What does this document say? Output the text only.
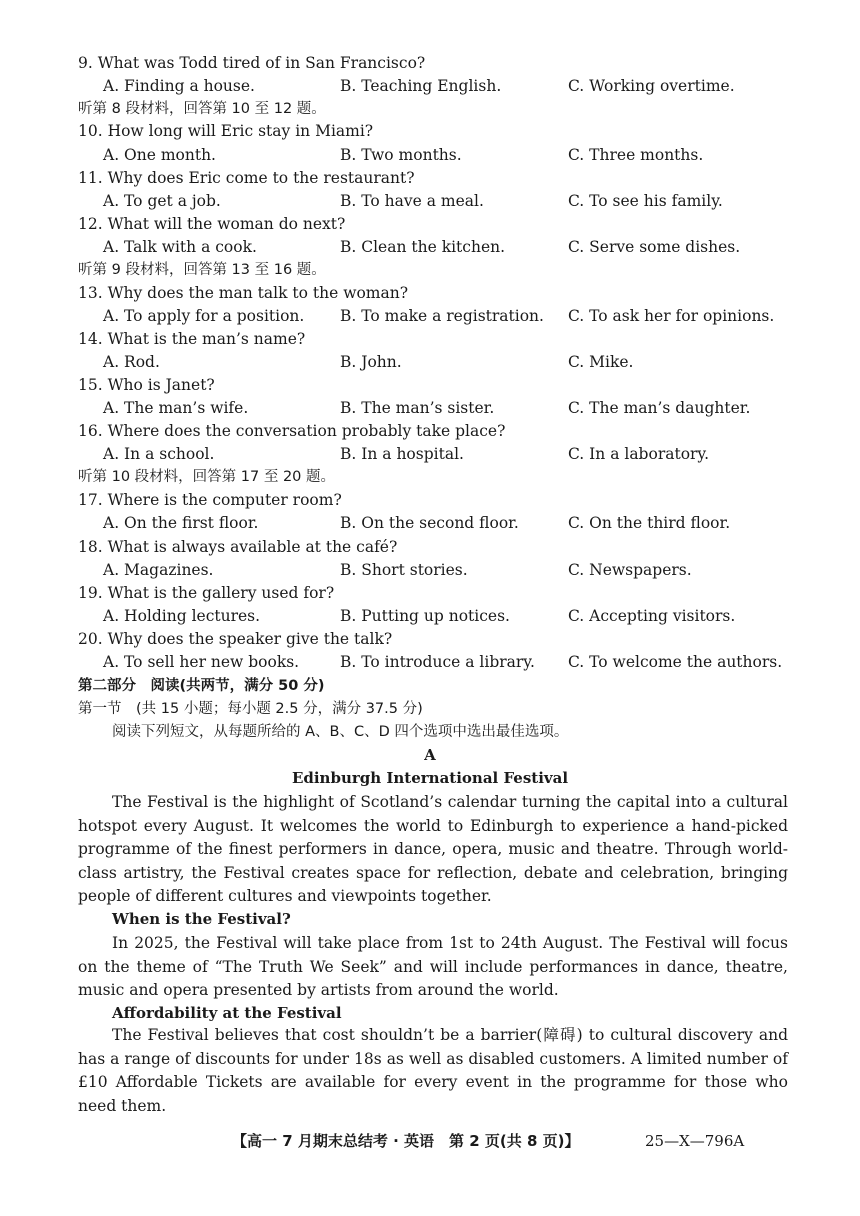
9. What was Todd tired of in San Francisco?
A. Finding a house.	B. Teaching English.	C. Working overtime.
听第 8 段材料，回答第 10 至 12 题。
10. How long will Eric stay in Miami?
A. One month.	B. Two months.	C. Three months.
11. Why does Eric come to the restaurant?
A. To get a job.	B. To have a meal.	C. To see his family.
12. What will the woman do next?
A. Talk with a cook.	B. Clean the kitchen.	C. Serve some dishes.
听第 9 段材料，回答第 13 至 16 题。
13. Why does the man talk to the woman?
A. To apply for a position. B. To make a registration. C. To ask her for opinions.
14. What is the man’s name?
A. Rod.	B. John.	C. Mike.
15. Who is Janet?
A. The man’s wife.	B. The man’s sister.	C. The man’s daughter.
16. Where does the conversation probably take place?
A. In a school.	B. In a hospital.	C. In a laboratory.
听第 10 段材料，回答第 17 至 20 题。
17. Where is the computer room?
A. On the first floor.	B. On the second floor.	C. On the third floor.
18. What is always available at the café?
A. Magazines.	B. Short stories.	C. Newspapers.
19. What is the gallery used for?
A. Holding lectures.	B. Putting up notices.	C. Accepting visitors.
20. Why does the speaker give the talk?
A. To sell her new books.	B. To introduce a library. C. To welcome the authors.
第二部分　阅读(共两节，满分 50 分)
第一节　(共 15 小题；每小题 2.5 分，满分 37.5 分)
阅读下列短文，从每题所给的 A、B、C、D 四个选项中选出最佳选项。
A
Edinburgh International Festival
The Festival is the highlight of Scotland’s calendar turning the capital into a cultural hotspot every August. It welcomes the world to Edinburgh to experience a hand-picked programme of the finest performers in dance, opera, music and theatre. Through world-class artistry, the Festival creates space for reflection, debate and celebration, bringing people of different cultures and viewpoints together.
When is the Festival?
In 2025, the Festival will take place from 1st to 24th August. The Festival will focus on the theme of “The Truth We Seek” and will include performances in dance, theatre, music and opera presented by artists from around the world.
Affordability at the Festival
The Festival believes that cost shouldn’t be a barrier(障碍) to cultural discovery and has a range of discounts for under 18s as well as disabled customers. A limited number of £10 Affordable Tickets are available for every event in the programme for those who need them.
【高一 7 月期末总结考 · 英语　第 2 页(共 8 页)】	25—X—796A
